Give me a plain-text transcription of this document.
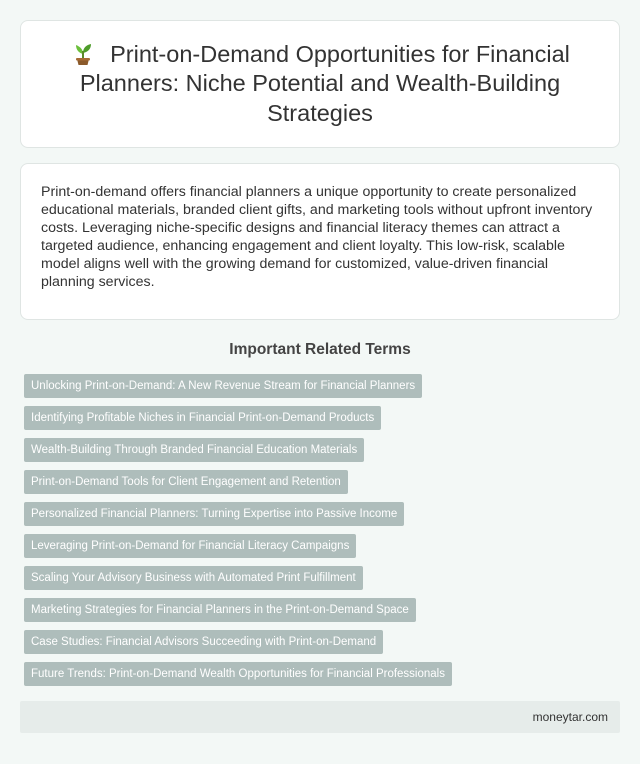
Print-on-Demand Opportunities for Financial Planners: Niche Potential and Wealth-Building Strategies

Print-on-demand offers financial planners a unique opportunity to create personalized educational materials, branded client gifts, and marketing tools without upfront inventory costs. Leveraging niche-specific designs and financial literacy themes can attract a targeted audience, enhancing engagement and client loyalty. This low-risk, scalable model aligns well with the growing demand for customized, value-driven financial planning services.

Important Related Terms
Unlocking Print-on-Demand: A New Revenue Stream for Financial Planners
Identifying Profitable Niches in Financial Print-on-Demand Products
Wealth-Building Through Branded Financial Education Materials
Print-on-Demand Tools for Client Engagement and Retention
Personalized Financial Planners: Turning Expertise into Passive Income
Leveraging Print-on-Demand for Financial Literacy Campaigns
Scaling Your Advisory Business with Automated Print Fulfillment
Marketing Strategies for Financial Planners in the Print-on-Demand Space
Case Studies: Financial Advisors Succeeding with Print-on-Demand
Future Trends: Print-on-Demand Wealth Opportunities for Financial Professionals
moneytar.com
